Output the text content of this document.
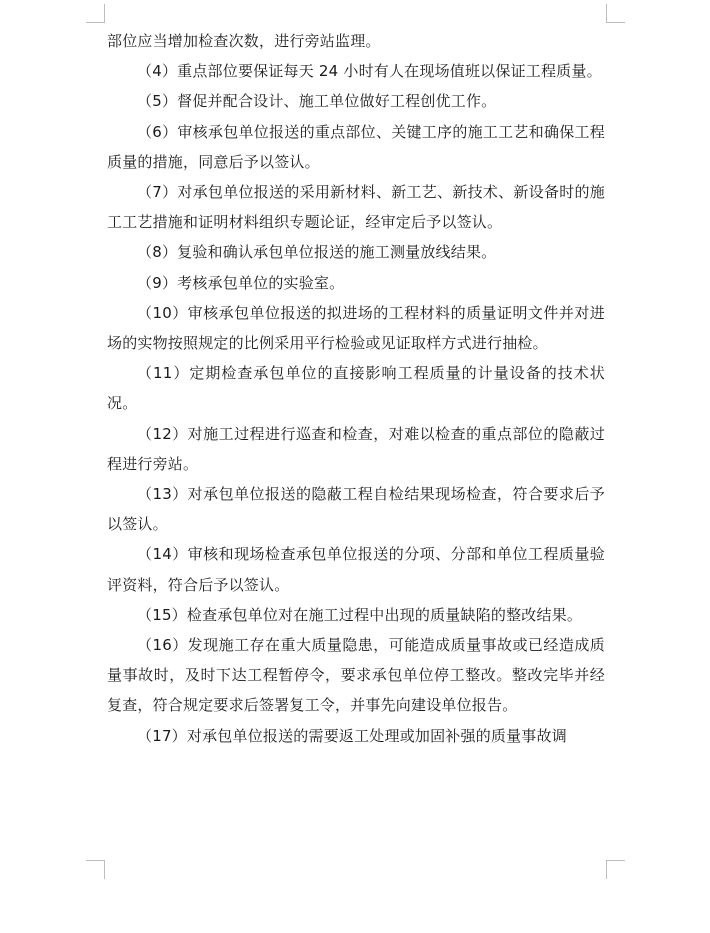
部位应当增加检查次数，进行旁站监理。

（4）重点部位要保证每天 24 小时有人在现场值班以保证工程质量。

（5）督促并配合设计、施工单位做好工程创优工作。

（6）审核承包单位报送的重点部位、关键工序的施工工艺和确保工程质量的措施，同意后予以签认。

（7）对承包单位报送的采用新材料、新工艺、新技术、新设备时的施工工艺措施和证明材料组织专题论证，经审定后予以签认。

（8）复验和确认承包单位报送的施工测量放线结果。

（9）考核承包单位的实验室。

（10）审核承包单位报送的拟进场的工程材料的质量证明文件并对进场的实物按照规定的比例采用平行检验或见证取样方式进行抽检。

（11）定期检查承包单位的直接影响工程质量的计量设备的技术状况。

（12）对施工过程进行巡查和检查，对难以检查的重点部位的隐蔽过程进行旁站。

（13）对承包单位报送的隐蔽工程自检结果现场检查，符合要求后予以签认。

（14）审核和现场检查承包单位报送的分项、分部和单位工程质量验评资料，符合后予以签认。

（15）检查承包单位对在施工过程中出现的质量缺陷的整改结果。

（16）发现施工存在重大质量隐患，可能造成质量事故或已经造成质量事故时，及时下达工程暂停令，要求承包单位停工整改。整改完毕并经复查，符合规定要求后签署复工令，并事先向建设单位报告。

（17）对承包单位报送的需要返工处理或加固补强的质量事故调
